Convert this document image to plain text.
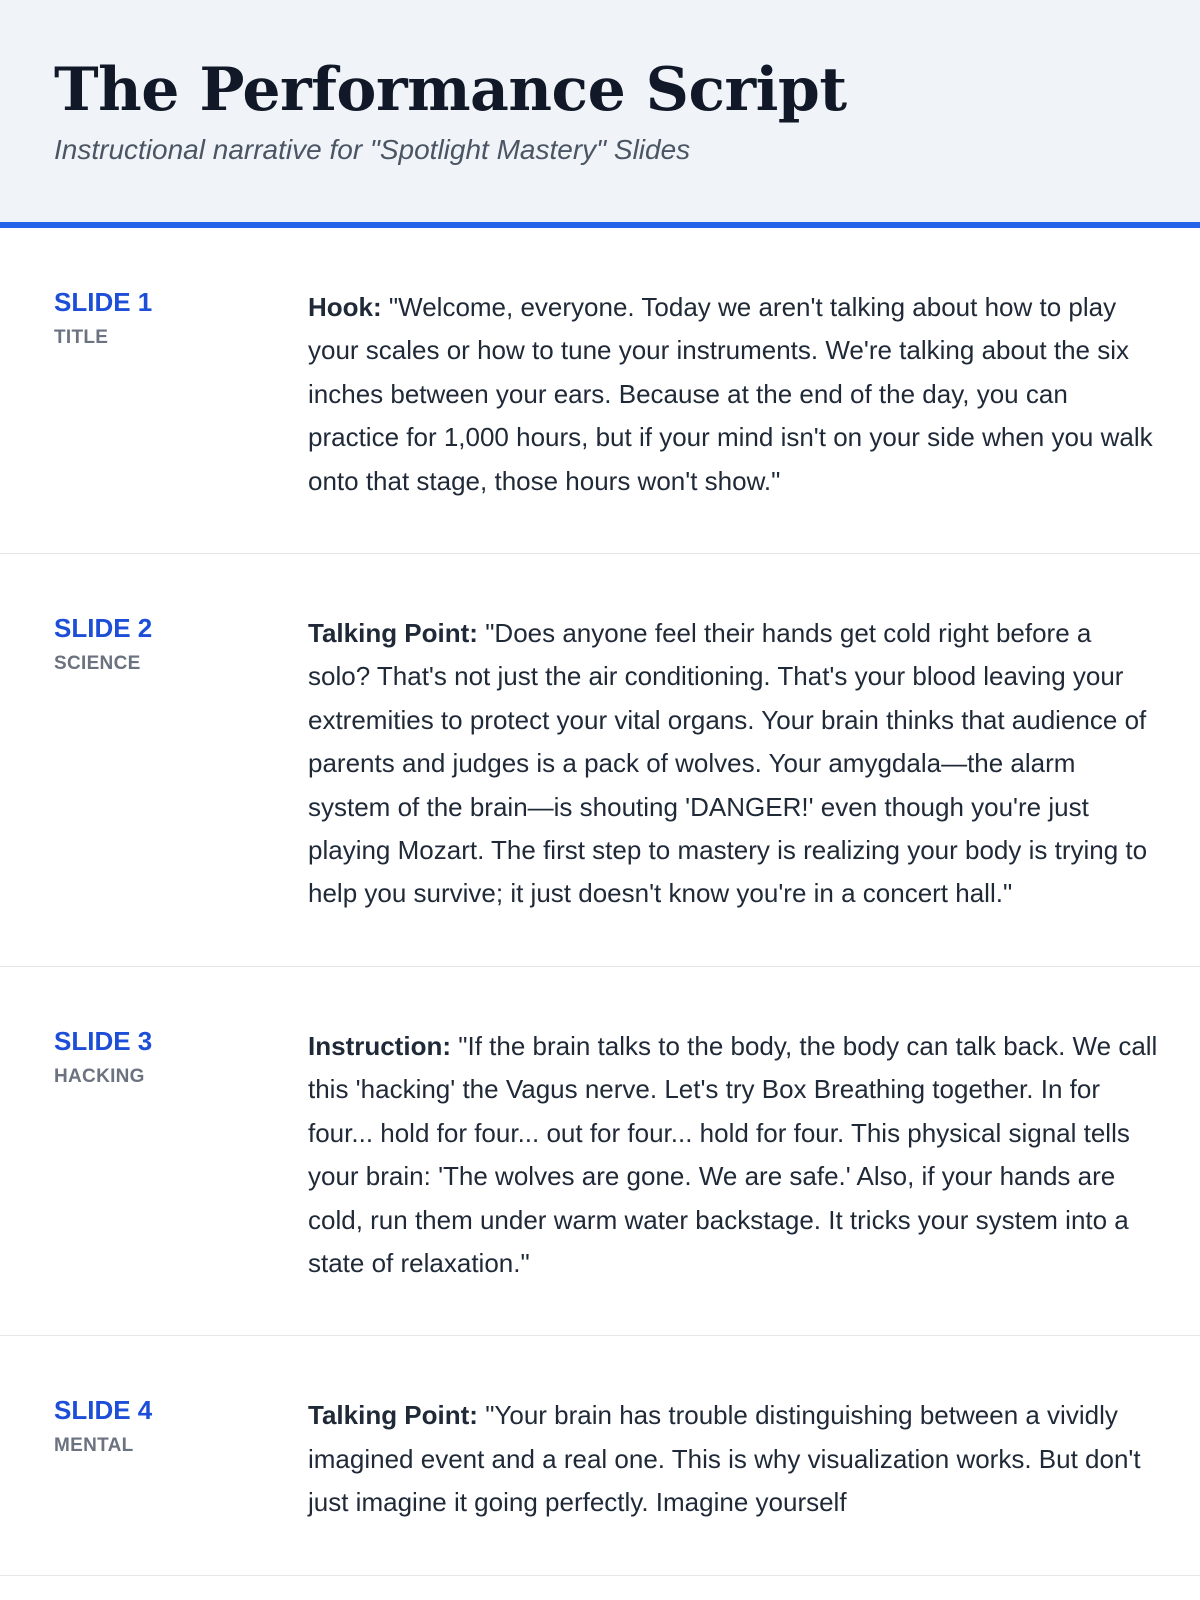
The Performance Script

Instructional narrative for "Spotlight Mastery" Slides

SLIDE 1
TITLE

Hook: "Welcome, everyone. Today we aren't talking about how to play your scales or how to tune your instruments. We're talking about the six inches between your ears. Because at the end of the day, you can practice for 1,000 hours, but if your mind isn't on your side when you walk onto that stage, those hours won't show."

SLIDE 2
SCIENCE

Talking Point: "Does anyone feel their hands get cold right before a solo? That's not just the air conditioning. That's your blood leaving your extremities to protect your vital organs. Your brain thinks that audience of parents and judges is a pack of wolves. Your amygdala—the alarm system of the brain—is shouting 'DANGER!' even though you're just playing Mozart. The first step to mastery is realizing your body is trying to help you survive; it just doesn't know you're in a concert hall."

SLIDE 3
HACKING

Instruction: "If the brain talks to the body, the body can talk back. We call this 'hacking' the Vagus nerve. Let's try Box Breathing together. In for four... hold for four... out for four... hold for four. This physical signal tells your brain: 'The wolves are gone. We are safe.' Also, if your hands are cold, run them under warm water backstage. It tricks your system into a state of relaxation."

SLIDE 4
MENTAL

Talking Point: "Your brain has trouble distinguishing between a vividly imagined event and a real one. This is why visualization works. But don't just imagine it going perfectly. Imagine yourself
